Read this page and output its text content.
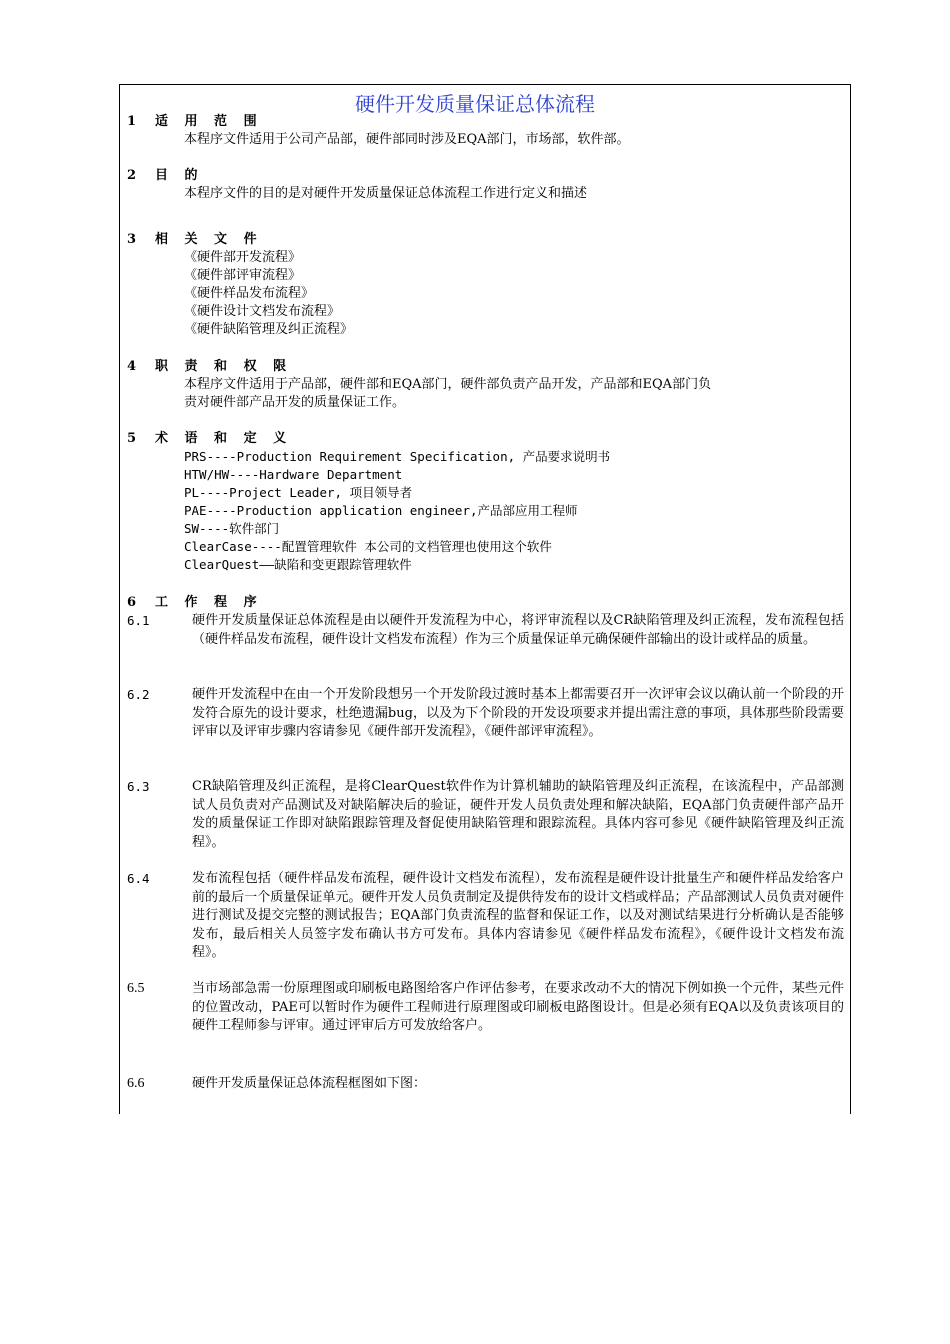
硬件开发质量保证总体流程
1 适 用 范 围
本程序文件适用于公司产品部，硬件部同时涉及EQA部门，市场部，软件部。
2 目 的
本程序文件的目的是对硬件开发质量保证总体流程工作进行定义和描述
3 相 关 文 件
《硬件部开发流程》
《硬件部评审流程》
《硬件样品发布流程》
《硬件设计文档发布流程》
《硬件缺陷管理及纠正流程》
4 职 责 和 权 限
本程序文件适用于产品部，硬件部和EQA部门，硬件部负责产品开发，产品部和EQA部门负
责对硬件部产品开发的质量保证工作。
5 术 语 和 定 义
PRS----Production Requirement Specification, 产品要求说明书
HTW/HW----Hardware Department
PL----Project Leader, 项目领导者
PAE----Production application engineer,产品部应用工程师
SW----软件部门
ClearCase----配置管理软件 本公司的文档管理也使用这个软件
ClearQuest——缺陷和变更跟踪管理软件
6 工 作 程 序
6.1	硬件开发质量保证总体流程是由以硬件开发流程为中心，将评审流程以及CR缺陷管理及纠正流程，发布流程包括（硬件样品发布流程，硬件设计文档发布流程）作为三个质量保证单元确保硬件部输出的设计或样品的质量。
6.2	硬件开发流程中在由一个开发阶段想另一个开发阶段过渡时基本上都需要召开一次评审会议以确认前一个阶段的开发符合原先的设计要求，杜绝遗漏bug，以及为下个阶段的开发设项要求并提出需注意的事项，具体那些阶段需要评审以及评审步骤内容请参见《硬件部开发流程》，《硬件部评审流程》。
6.3	CR缺陷管理及纠正流程，是将ClearQuest软件作为计算机辅助的缺陷管理及纠正流程，在该流程中，产品部测试人员负责对产品测试及对缺陷解决后的验证，硬件开发人员负责处理和解决缺陷，EQA部门负责硬件部产品开发的质量保证工作即对缺陷跟踪管理及督促使用缺陷管理和跟踪流程。具体内容可参见《硬件缺陷管理及纠正流程》。
6.4	发布流程包括（硬件样品发布流程，硬件设计文档发布流程），发布流程是硬件设计批量生产和硬件样品发给客户前的最后一个质量保证单元。硬件开发人员负责制定及提供待发布的设计文档或样品；产品部测试人员负责对硬件进行测试及提交完整的测试报告；EQA部门负责流程的监督和保证工作，以及对测试结果进行分析确认是否能够发布，最后相关人员签字发布确认书方可发布。具体内容请参见《硬件样品发布流程》，《硬件设计文档发布流程》。
6.5	当市场部急需一份原理图或印刷板电路图给客户作评估参考，在要求改动不大的情况下例如换一个元件，某些元件的位置改动，PAE可以暂时作为硬件工程师进行原理图或印刷板电路图设计。但是必须有EQA以及负责该项目的硬件工程师参与评审。通过评审后方可发放给客户。
6.6	硬件开发质量保证总体流程框图如下图：
